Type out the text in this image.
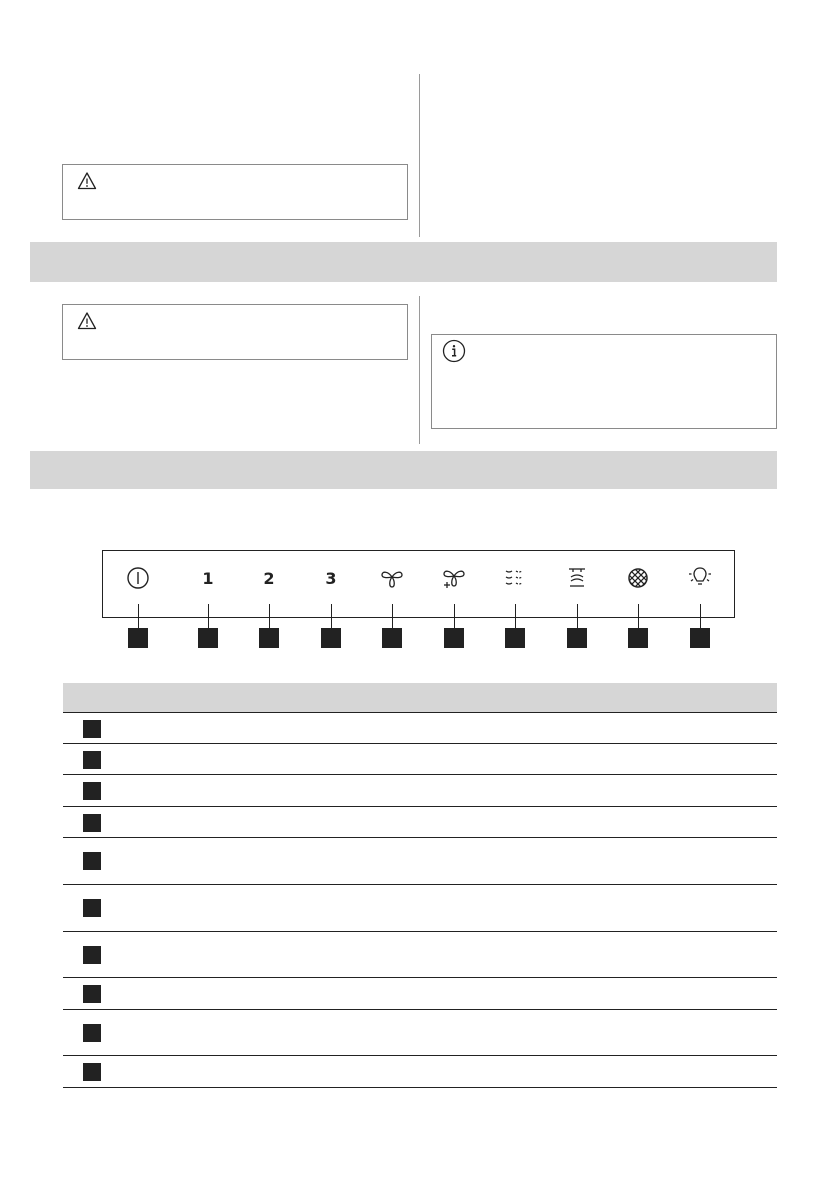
1	2	3
